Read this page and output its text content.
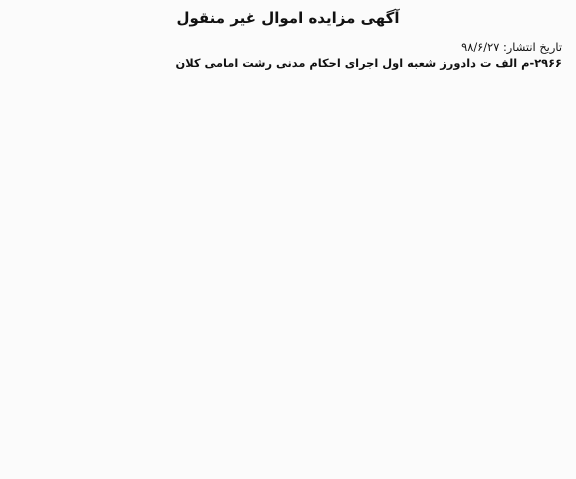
آگهی مزایده اموال غیر منقول

تاریخ انتشار: ۹۸/۶/۲۷
۲۹۶۶-م الف ت دادورز شعبه اول اجرای احکام مدنی رشت امامی کلان
